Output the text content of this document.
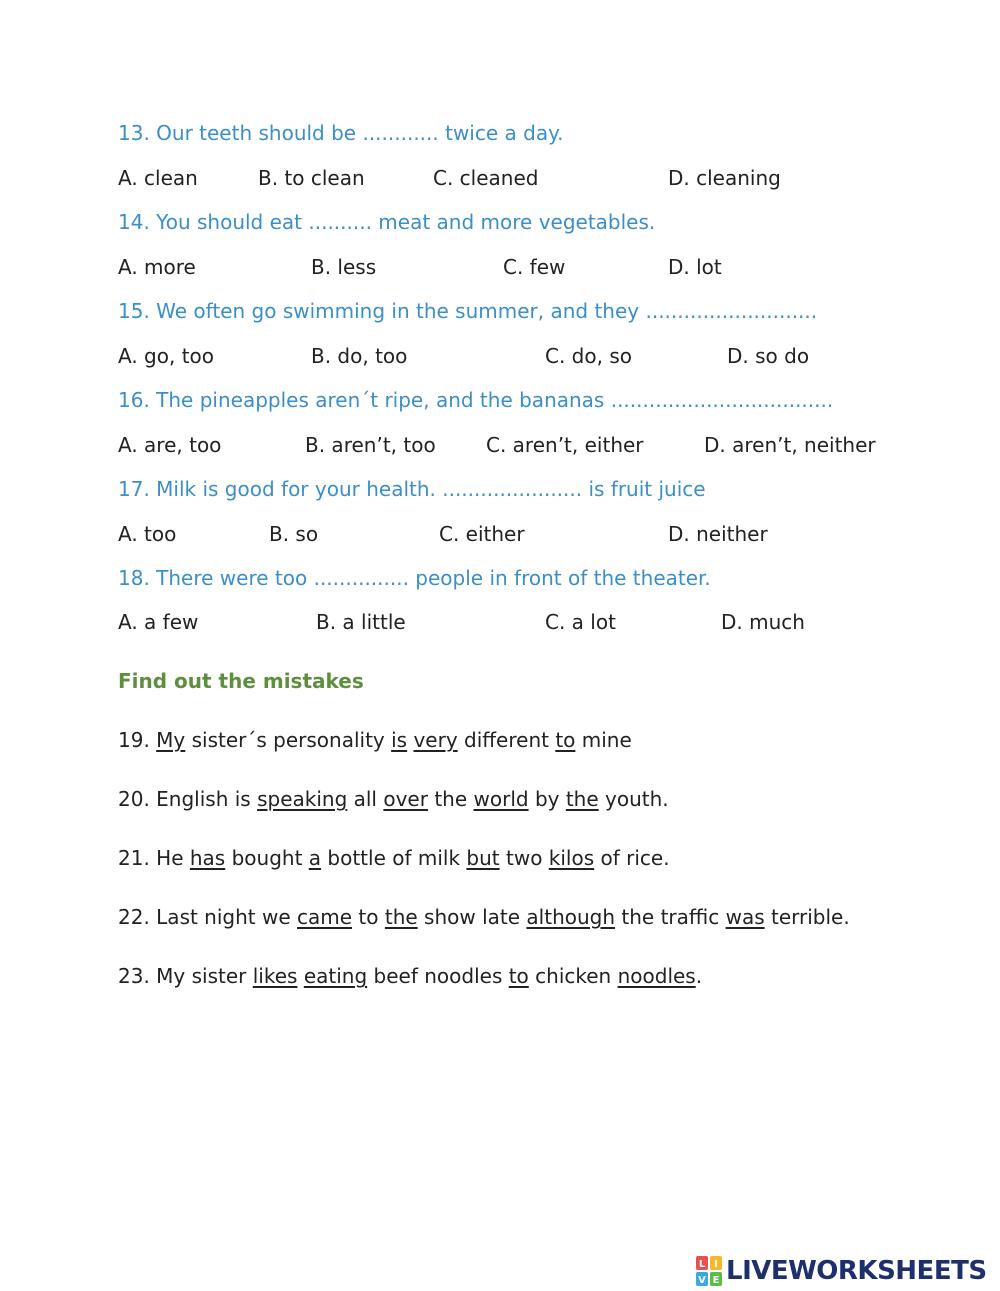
13. Our teeth should be ............ twice a day.
A. clean	B. to clean	C. cleaned	D. cleaning
14. You should eat .......... meat and more vegetables.
A. more	B. less	C. few	D. lot
15. We often go swimming in the summer, and they ...........................
A. go, too	B. do, too	C. do, so	D. so do
16. The pineapples aren´t ripe, and the bananas ...................................
A. are, too	B. aren’t, too	C. aren’t, either	D. aren’t, neither
17. Milk is good for your health. ...................... is fruit juice
A. too	B. so	C. either	D. neither
18. There were too ............... people in front of the theater.
A. a few	B. a little	C. a lot	D. much
Find out the mistakes
19. My sister´s personality is very different to mine
20. English is speaking all over the world by the youth.
21. He has bought a bottle of milk but two kilos of rice.
22. Last night we came to the show late although the traffic was terrible.
23. My sister likes eating beef noodles to chicken noodles.
L I
V E LIVEWORKSHEETS
